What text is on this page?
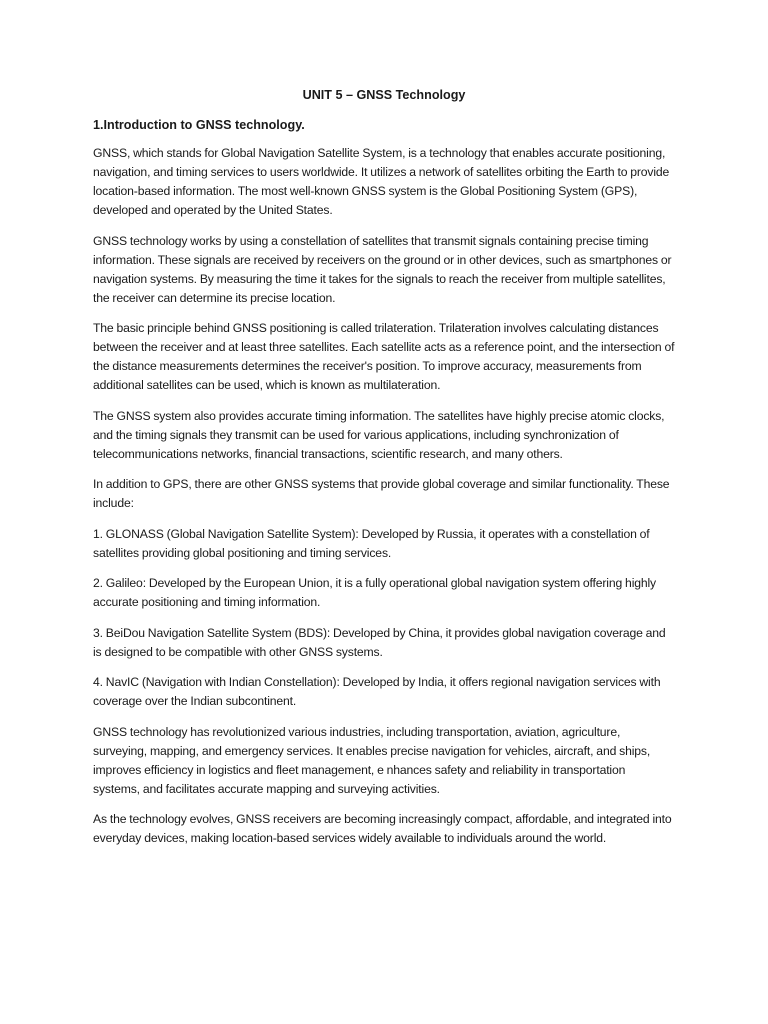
UNIT 5 – GNSS Technology
1.Introduction to GNSS technology.

GNSS, which stands for Global Navigation Satellite System, is a technology that enables accurate positioning, navigation, and timing services to users worldwide. It utilizes a network of satellites orbiting the Earth to provide location-based information. The most well-known GNSS system is the Global Positioning System (GPS), developed and operated by the United States.

GNSS technology works by using a constellation of satellites that transmit signals containing precise timing information. These signals are received by receivers on the ground or in other devices, such as smartphones or navigation systems. By measuring the time it takes for the signals to reach the receiver from multiple satellites, the receiver can determine its precise location.

The basic principle behind GNSS positioning is called trilateration. Trilateration involves calculating distances between the receiver and at least three satellites. Each satellite acts as a reference point, and the intersection of the distance measurements determines the receiver's position. To improve accuracy, measurements from additional satellites can be used, which is known as multilateration.

The GNSS system also provides accurate timing information. The satellites have highly precise atomic clocks, and the timing signals they transmit can be used for various applications, including synchronization of telecommunications networks, financial transactions, scientific research, and many others.

In addition to GPS, there are other GNSS systems that provide global coverage and similar functionality. These include:

1. GLONASS (Global Navigation Satellite System): Developed by Russia, it operates with a constellation of satellites providing global positioning and timing services.

2. Galileo: Developed by the European Union, it is a fully operational global navigation system offering highly accurate positioning and timing information.

3. BeiDou Navigation Satellite System (BDS): Developed by China, it provides global navigation coverage and is designed to be compatible with other GNSS systems.

4. NavIC (Navigation with Indian Constellation): Developed by India, it offers regional navigation services with coverage over the Indian subcontinent.

GNSS technology has revolutionized various industries, including transportation, aviation, agriculture, surveying, mapping, and emergency services. It enables precise navigation for vehicles, aircraft, and ships, improves efficiency in logistics and fleet management, e nhances safety and reliability in transportation systems, and facilitates accurate mapping and surveying activities.

As the technology evolves, GNSS receivers are becoming increasingly compact, affordable, and integrated into everyday devices, making location-based services widely available to individuals around the world.
